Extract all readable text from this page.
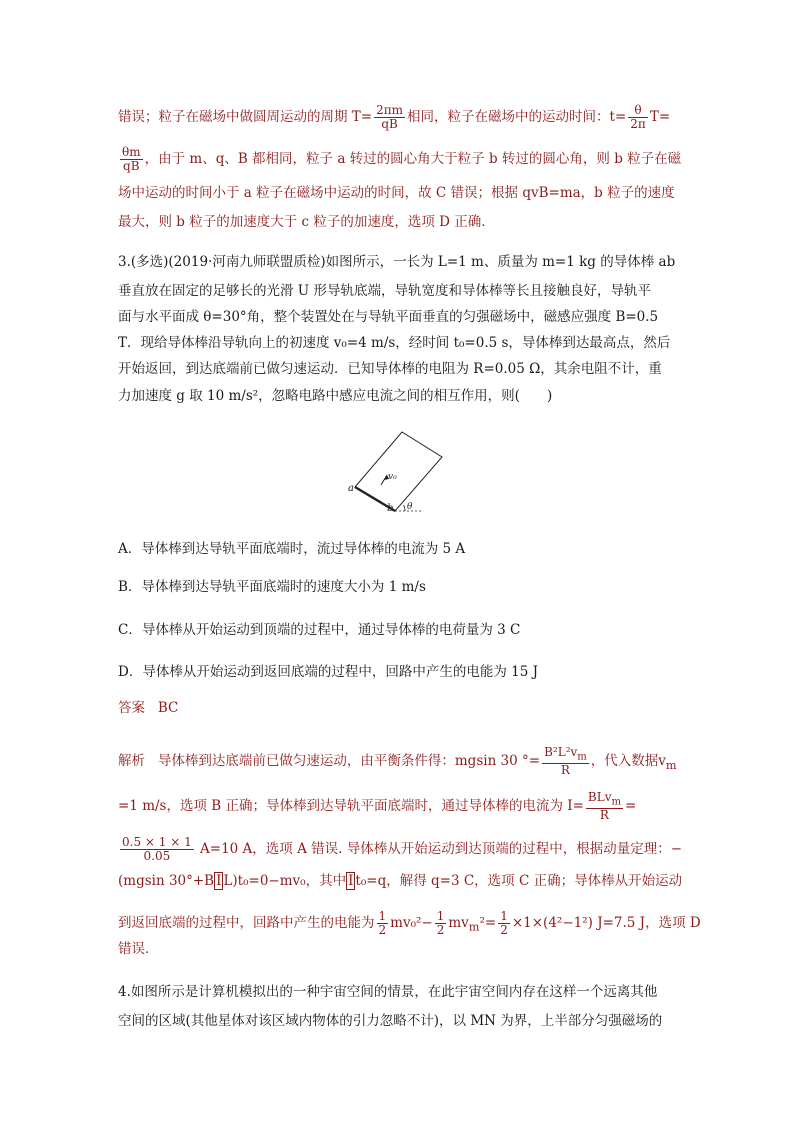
错误；粒子在磁场中做圆周运动的周期 $T= \frac{2\pi m}{qB}$ 相同，粒子在磁场中的运动时间：$t= \frac{\theta}{2\pi} T=$
$\frac{\theta m}{qB}$ ，由于 m、q、B 都相同，粒子 a 转过的圆心角大于粒子 b 转过的圆心角，则 b 粒子在磁
场中运动的时间小于 a 粒子在磁场中运动的时间，故 C 错误；根据 qvB=ma，b 粒子的速度
最大，则 b 粒子的加速度大于 c 粒子的加速度，选项 D 正确．
3.(多选)(2019·河南九师联盟质检)如图所示，一长为 L=1 m、质量为 m=1 kg 的导体棒 ab
垂直放在固定的足够长的光滑 U 形导轨底端，导轨宽度和导体棒等长且接触良好，导轨平
面与水平面成 θ=30°角，整个装置处在与导轨平面垂直的匀强磁场中，磁感应强度 B=0.5
T．现给导体棒沿导轨向上的初速度 v₀=4 m/s，经时间 t₀=0.5 s，导体棒到达最高点，然后
开始返回，到达底端前已做匀速运动．已知导体棒的电阻为 R=0.05 Ω，其余电阻不计，重
力加速度 g 取 10 m/s²，忽略电路中感应电流之间的相互作用，则(　　)
a
b
v₀
θ
A．导体棒到达导轨平面底端时，流过导体棒的电流为 5 A
B．导体棒到达导轨平面底端时的速度大小为 1 m/s
C．导体棒从开始运动到顶端的过程中，通过导体棒的电荷量为 3 C
D．导体棒从开始运动到返回底端的过程中，回路中产生的电能为 15 J
答案 BC
解析 导体棒到达底端前已做匀速运动，由平衡条件得：mgsin 30 °= $\frac{B^2L^2v_m}{R}$ ，代入数据$v_m$
=1 m/s，选项 B 正确；导体棒到达导轨平面底端时，通过导体棒的电流为 $I= \frac{BLv_m}{R}$ =
$\frac{0.5 \times 1 \times 1}{0.05} A=10$ A，选项 A 错误. 导体棒从开始运动到达顶端的过程中，根据动量定理：−
(mgsin 30°+B I L)t₀=0−mv₀，其中 I t₀=q，解得 q=3 C，选项 C 正确；导体棒从开始运动
到返回底端的过程中，回路中产生的电能为 $\frac{1}{2} mv_0^2- \frac{1}{2} mv_m^2= \frac{1}{2} \times 1\times(4^2-1^2)$ J=7.5 J，选项 D
错误．
4.如图所示是计算机模拟出的一种宇宙空间的情景，在此宇宙空间内存在这样一个远离其他
空间的区域(其他星体对该区域内物体的引力忽略不计)，以 MN 为界，上半部分匀强磁场的
